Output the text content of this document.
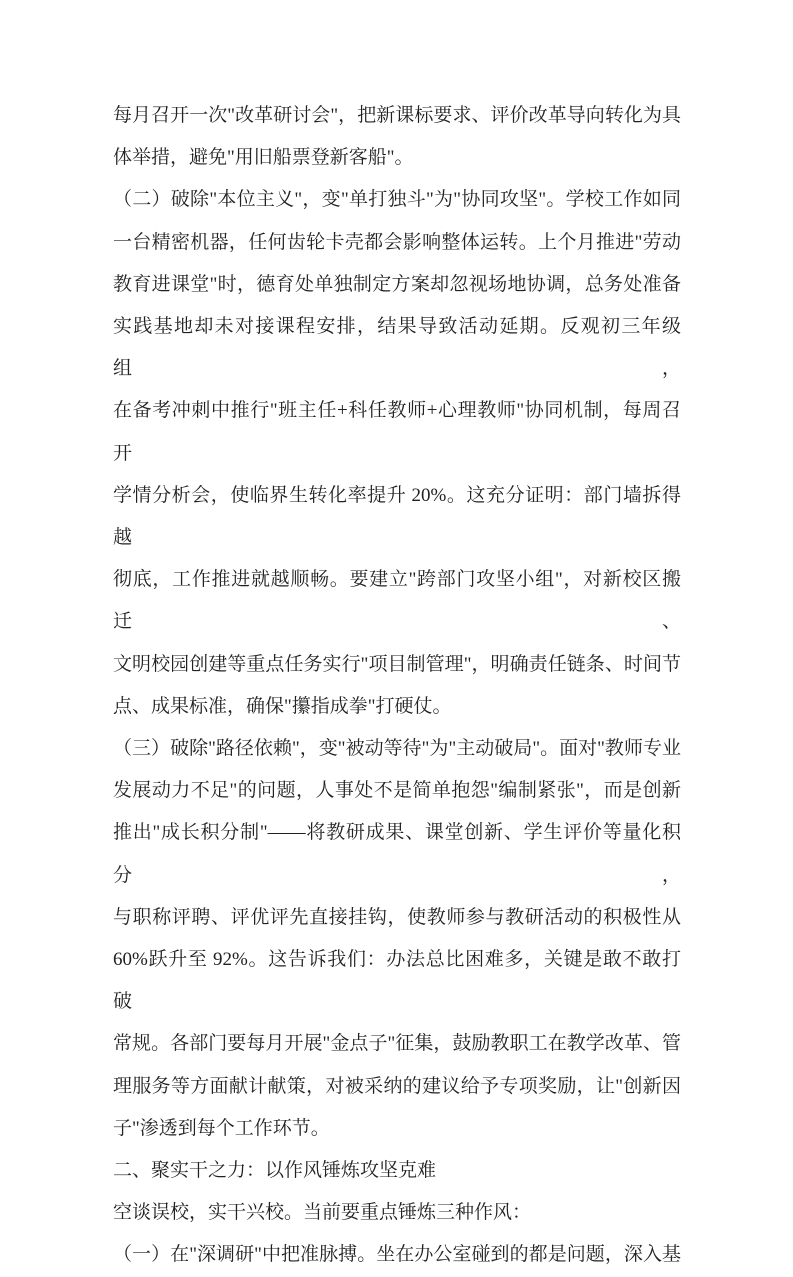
每月召开一次"改革研讨会"，把新课标要求、评价改革导向转化为具
体举措，避免"用旧船票登新客船"。
（二）破除"本位主义"，变"单打独斗"为"协同攻坚"。学校工作如同
一台精密机器，任何齿轮卡壳都会影响整体运转。上个月推进"劳动
教育进课堂"时，德育处单独制定方案却忽视场地协调，总务处准备
实践基地却未对接课程安排，结果导致活动延期。反观初三年级组，
在备考冲刺中推行"班主任+科任教师+心理教师"协同机制，每周召开
学情分析会，使临界生转化率提升 20%。这充分证明：部门墙拆得越
彻底，工作推进就越顺畅。要建立"跨部门攻坚小组"，对新校区搬迁、
文明校园创建等重点任务实行"项目制管理"，明确责任链条、时间节
点、成果标准，确保"攥指成拳"打硬仗。
（三）破除"路径依赖"，变"被动等待"为"主动破局"。面对"教师专业
发展动力不足"的问题，人事处不是简单抱怨"编制紧张"，而是创新
推出"成长积分制"——将教研成果、课堂创新、学生评价等量化积分，
与职称评聘、评优评先直接挂钩，使教师参与教研活动的积极性从
60%跃升至 92%。这告诉我们：办法总比困难多，关键是敢不敢打破
常规。各部门要每月开展"金点子"征集，鼓励教职工在教学改革、管
理服务等方面献计献策，对被采纳的建议给予专项奖励，让"创新因
子"渗透到每个工作环节。
二、聚实干之力：以作风锤炼攻坚克难
空谈误校，实干兴校。当前要重点锤炼三种作风：
（一）在"深调研"中把准脉搏。坐在办公室碰到的都是问题，深入基
